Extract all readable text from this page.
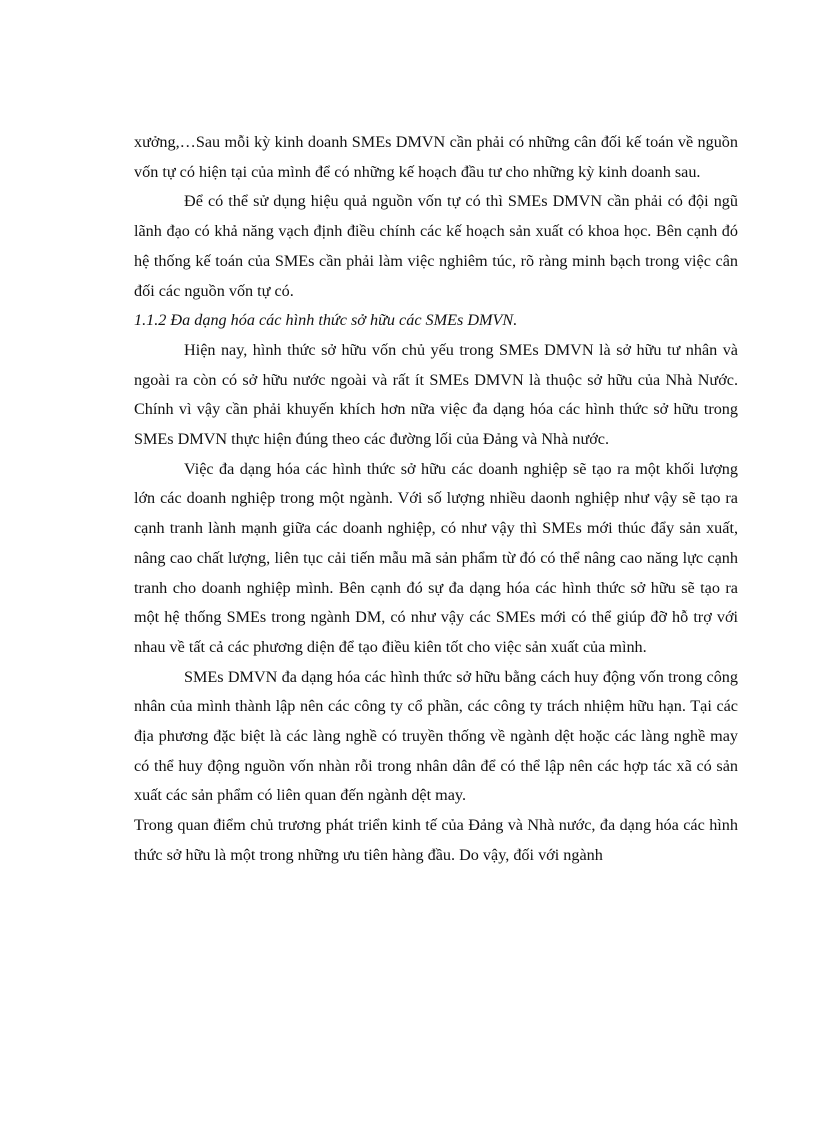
xưởng,…Sau mỗi kỳ kinh doanh SMEs DMVN cần phải có những cân đối kế toán về nguồn vốn tự có hiện tại của mình để có những kế hoạch đầu tư cho những kỳ kinh doanh sau.

Để có thể sử dụng hiệu quả nguồn vốn tự có thì SMEs DMVN cần phải có đội ngũ lãnh đạo có khả năng vạch định điều chính các kế hoạch sản xuất có khoa học. Bên cạnh đó hệ thống kế toán của SMEs cần phải làm việc nghiêm túc, rõ ràng minh bạch trong việc cân đối các nguồn vốn tự có.

1.1.2 Đa dạng hóa các hình thức sở hữu các SMEs DMVN.

Hiện nay, hình thức sở hữu vốn chủ yếu trong SMEs DMVN là sở hữu tư nhân và ngoài ra còn có sở hữu nước ngoài và rất ít SMEs DMVN là thuộc sở hữu của Nhà Nước. Chính vì vậy cần phải khuyến khích hơn nữa việc đa dạng hóa các hình thức sở hữu trong SMEs DMVN thực hiện đúng theo các đường lối của Đảng và Nhà nước.

Việc đa dạng hóa các hình thức sở hữu các doanh nghiệp sẽ tạo ra một khối lượng lớn các doanh nghiệp trong một ngành. Với số lượng nhiều daonh nghiệp như vậy sẽ tạo ra cạnh tranh lành mạnh giữa các doanh nghiệp, có như vậy thì SMEs mới thúc đẩy sản xuất, nâng cao chất lượng, liên tục cải tiến mẫu mã sản phẩm từ đó có thể nâng cao năng lực cạnh tranh cho doanh nghiệp mình. Bên cạnh đó sự đa dạng hóa các hình thức sở hữu sẽ tạo ra một hệ thống SMEs trong ngành DM, có như vậy các SMEs mới có thể giúp đỡ hỗ trợ với nhau về tất cả các phương diện để tạo điều kiên tốt cho việc sản xuất của mình.

SMEs DMVN đa dạng hóa các hình thức sở hữu bằng cách huy động vốn trong công nhân của mình thành lập nên các công ty cổ phần, các công ty trách nhiệm hữu hạn. Tại các địa phương đặc biệt là các làng nghề có truyền thống về ngành dệt hoặc các làng nghề may có thể huy động nguồn vốn nhàn rỗi trong nhân dân để có thể lập nên các hợp tác xã có sản xuất các sản phẩm có liên quan đến ngành dệt may.

Trong quan điểm chủ trương phát triển kinh tế của Đảng và Nhà nước, đa dạng hóa các hình thức sở hữu là một trong những ưu tiên hàng đầu. Do vậy, đối với ngành
